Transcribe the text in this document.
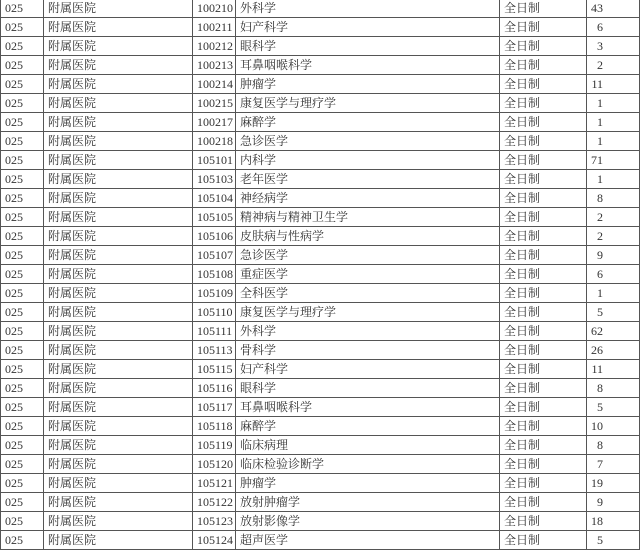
025	附属医院	100210	外科学	全日制	43
025	附属医院	100211	妇产科学	全日制	6
025	附属医院	100212	眼科学	全日制	3
025	附属医院	100213	耳鼻咽喉科学	全日制	2
025	附属医院	100214	肿瘤学	全日制	11
025	附属医院	100215	康复医学与理疗学	全日制	1
025	附属医院	100217	麻醉学	全日制	1
025	附属医院	100218	急诊医学	全日制	1
025	附属医院	105101	内科学	全日制	71
025	附属医院	105103	老年医学	全日制	1
025	附属医院	105104	神经病学	全日制	8
025	附属医院	105105	精神病与精神卫生学	全日制	2
025	附属医院	105106	皮肤病与性病学	全日制	2
025	附属医院	105107	急诊医学	全日制	9
025	附属医院	105108	重症医学	全日制	6
025	附属医院	105109	全科医学	全日制	1
025	附属医院	105110	康复医学与理疗学	全日制	5
025	附属医院	105111	外科学	全日制	62
025	附属医院	105113	骨科学	全日制	26
025	附属医院	105115	妇产科学	全日制	11
025	附属医院	105116	眼科学	全日制	8
025	附属医院	105117	耳鼻咽喉科学	全日制	5
025	附属医院	105118	麻醉学	全日制	10
025	附属医院	105119	临床病理	全日制	8
025	附属医院	105120	临床检验诊断学	全日制	7
025	附属医院	105121	肿瘤学	全日制	19
025	附属医院	105122	放射肿瘤学	全日制	9
025	附属医院	105123	放射影像学	全日制	18
025	附属医院	105124	超声医学	全日制	5
